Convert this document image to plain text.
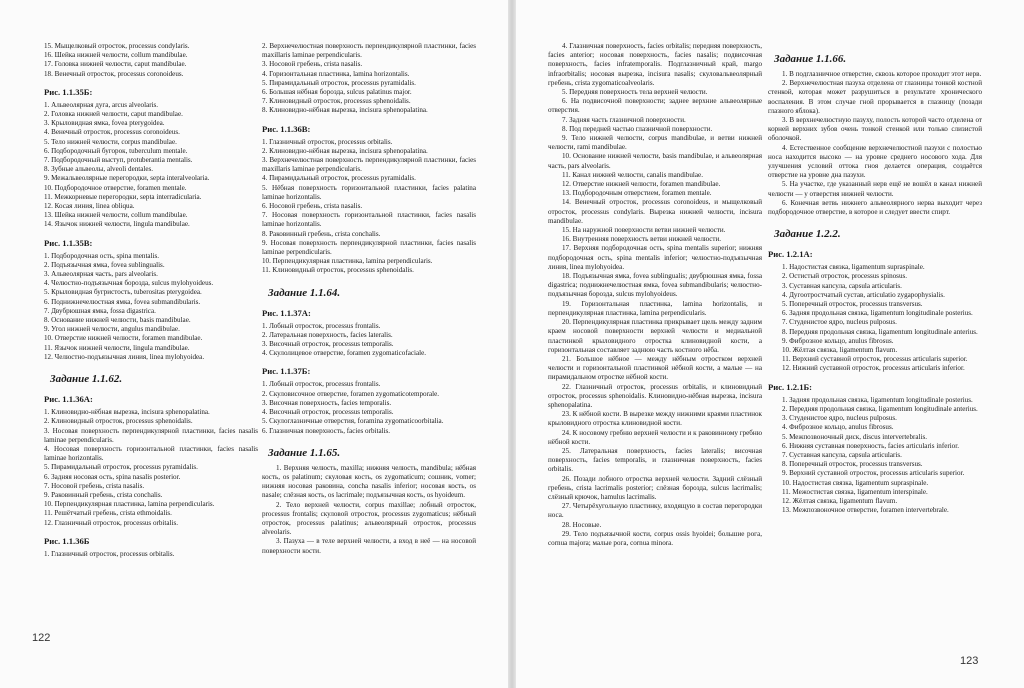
15. Мыщелковый отросток, processus condylaris.

16. Шейка нижней челюсти, collum mandibulae.

17. Головка нижней челюсти, caput mandibulae.

18. Венечный отросток, processus coronoideus.

Рис. 1.1.35Б:

1. Альвеолярная дуга, arcus alveolaris.

2. Головка нижней челюсти, caput mandibulae.

3. Крыловидная ямка, fovea pterygoidea.

4. Венечный отросток, processus coronoideus.

5. Тело нижней челюсти, corpus mandibulae.

6. Подбородочный бугорок, tuberculum mentale.

7. Подбородочный выступ, protuberantia mentalis.

8. Зубные альвеолы, alveoli dentales.

9. Межальвеолярные перегородки, septa interalveolaria.

10. Подбородочное отверстие, foramen mentale.

11. Межкорневые перегородки, septa interradicularia.

12. Косая линия, linea obliqua.

13. Шейка нижней челюсти, collum mandibulae.

14. Язычок нижней челюсти, lingula mandibulae.

Рис. 1.1.35В:

1. Подбородочная ость, spina mentalis.

2. Подъязычная ямка, fovea sublingualis.

3. Альвеолярная часть, pars alveolaris.

4. Челюстно-подъязычная борозда, sulcus mylohyoideus.

5. Крыловидная бугристость, tuberositas pterygoidea.

6. Поднижнечелюстная ямка, fovea submandibularis.

7. Двубрюшная ямка, fossa digastrica.

8. Основание нижней челюсти, basis mandibulae.

9. Угол нижней челюсти, angulus mandibulae.

10. Отверстие нижней челюсти, foramen mandibulae.

11. Язычок нижней челюсти, lingula mandibulae.

12. Челюстно-подъязычная линия, linea mylohyoidea.

Задание 1.1.62.
Рис. 1.1.36А:

1. Клиновидно-нёбная вырезка, incisura sphenopalatina.

2. Клиновидный отросток, processus sphenoidalis.

3. Носовая поверхность перпендикулярной пластинки, facies nasalis laminae perpendicularis.

4. Носовая поверхность горизонтальной пластинки, facies nasalis laminae horizontalis.

5. Пирамидальный отросток, processus pyramidalis.

6. Задняя носовая ость, spina nasalis posterior.

7. Носовой гребень, crista nasalis.

9. Раковинный гребень, crista conchalis.

10. Перпендикулярная пластинка, lamina perpendicularis.

11. Решётчатый гребень, crista ethmoidalis.

12. Глазничный отросток, processus orbitalis.

Рис. 1.1.36Б

1. Глазничный отросток, processus orbitalis.

2. Верхнечелюстная поверхность перпендикулярной пластинки, facies maxillaris laminae perpendicularis.

3. Носовой гребень, crista nasalis.

4. Горизонтальная пластинка, lamina horizontalis.

5. Пирамидальный отросток, processus pyramidalis.

6. Большая нёбная борозда, sulcus palatinus major.

7. Клиновидный отросток, processus sphenoidalis.

8. Клиновидно-нёбная вырезка, incisura sphenopalatina.

Рис. 1.1.36В:

1. Глазничный отросток, processus orbitalis.

2. Клиновидно-нёбная вырезка, incisura sphenopalatina.

3. Верхнечелюстная поверхность перпендикулярной пластинки, facies maxillaris laminae perpendicularis.

4. Пирамидальный отросток, processus pyramidalis.

5. Нёбная поверхность горизонтальной пластинки, facies palatina laminae horizontalis.

6. Носовой гребень, crista nasalis.

7. Носовая поверхность горизонтальной пластинки, facies nasalis laminae horizontalis.

8. Раковинный гребень, crista conchalis.

9. Носовая поверхность перпендикулярной пластинки, facies nasalis laminae perpendicularis.

10. Перпендикулярная пластинка, lamina perpendicularis.

11. Клиновидный отросток, processus sphenoidalis.

Задание 1.1.64.
Рис. 1.1.37А:

1. Лобный отросток, processus frontalis.

2. Латеральная поверхность, facies lateralis.

3. Височный отросток, processus temporalis.

4. Скулолицевое отверстие, foramen zygomaticofaciale.

Рис. 1.1.37Б:

1. Лобный отросток, processus frontalis.

2. Скуловисочное отверстие, foramen zygomaticotemporale.

3. Височная поверхность, facies temporalis.

4. Височный отросток, processus temporalis.

5. Скулоглазничные отверстия, foramina zygomaticoorbitalia.

6. Глазничная поверхность, facies orbitalis.

Задание 1.1.65.

1. Верхняя челюсть, maxilla; нижняя челюсть, mandibula; нёбная кость, os palatinum; скуловая кость, os zygomaticum; сошник, vomer; нижняя носовая раковина, concha nasalis inferior; носовая кость, os nasale; слёзная кость, os lacrimale; подъязычная кость, os hyoideum.

2. Тело верхней челюсти, corpus maxillae; лобный отросток, processus frontalis; скуловой отросток, processus zygomaticus; нёбный отросток, processus palatinus; альвеолярный отросток, processus alveolaris.

3. Пазуха — в теле верхней челюсти, а вход в неё — на носовой поверхности кости.

4. Глазничная поверхность, facies orbitalis; передняя поверхность, facies anterior; носовая поверхность, facies nasalis; подвисочная поверхность, facies infratemporalis. Подглазничный край, margo infraorbitalis; носовая вырезка, incisura nasalis; скуловальвеолярный гребень, crista zygomaticoalveolaris.

5. Передняя поверхность тела верхней челюсти.

6. На подвисочной поверхности; заднее верхние альвеолярные отверстия.

7. Задняя часть глазничной поверхности.

8. Под передней частью глазничной поверхности.

9. Тело нижней челюсти, corpus mandibulae, и ветви нижней челюсти, rami mandibulae.

10. Основание нижней челюсти, basis mandibulae, и альвеолярная часть, pars alveolaris.

11. Канал нижней челюсти, canalis mandibulae.

12. Отверстие нижней челюсти, foramen mandibulae.

13. Подбородочным отверстием, foramen mentale.

14. Венечный отросток, processus coronoideus, и мыщелковый отросток, processus condylaris. Вырезка нижней челюсти, incisura mandibulae.

15. На наружной поверхности ветви нижней челюсти.

16. Внутренняя поверхность ветви нижней челюсти.

17. Верхняя подбородочная ость, spina mentalis superior; нижняя подбородочная ость, spina mentalis inferior; челюстно-подъязычная линия, linea mylohyoidea.

18. Подъязычная ямка, fovea sublingualis; двубрюшная ямка, fossa digastrica; поднижнечелюстная ямка, fovea submandibularis; челюстно-подъязычная борозда, sulcus mylohyoideus.

19. Горизонтальная пластинка, lamina horizontalis, и перпендикулярная пластинка, lamina perpendicularis.

20. Перпендикулярная пластинка прикрывает щель между задним краем носовой поверхности верхней челюсти и медиальной пластинкой крыловидного отростка клиновидной кости, а горизонтальная составляет заднюю часть костного нёба.

21. Большое нёбное — между нёбным отростком верхней челюсти и горизонтальной пластинкой нёбной кости, а малые — на пирамидальном отростке нёбной кости.

22. Глазничный отросток, processus orbitalis, и клиновидный отросток, processus sphenoidalis. Клиновидно-нёбная вырезка, incisura sphenopalatina.

23. К нёбной кости. В вырезке между нижними краями пластинок крыловидного отростка клиновидной кости.

24. К носовому гребню верхней челюсти и к раковинному гребню нёбной кости.

25. Латеральная поверхность, facies lateralis; височная поверхность, facies temporalis, и глазничная поверхность, facies orbitalis.

26. Позади лобного отростка верхней челюсти. Задний слёзный гребень, crista lacrimalis posterior; слёзная борозда, sulcus lacrimalis; слёзный крючок, hamulus lacrimalis.

27. Четырёхугольную пластинку, входящую в состав перегородки носа.

28. Носовые.

29. Тело подъязычной кости, corpus ossis hyoidei; большие рога, cornua majora; малые рога, cornua minora.

Задание 1.1.66.

1. В подглазничное отверстие, сквозь которое проходит этот нерв.

2. Верхнечелюстная пазуха отделена от глазницы тонкой костной стенкой, которая может разрушиться в результате хронического воспаления. В этом случае гной прорывается в глазницу (позади глазного яблока).

3. В верхнечелюстную пазуху, полость которой часто отделена от корней верхних зубов очень тонкой стенкой или только слизистой оболочкой.

4. Естественное сообщение верхнечелюстной пазухи с полостью носа находится высоко — на уровне среднего носового хода. Для улучшения условий оттока гноя делается операция, создаётся отверстие на уровне дна пазухи.

5. На участке, где указанный нерв ещё не вошёл в канал нижней челюсти — у отверстия нижней челюсти.

6. Конечная ветвь нижнего альвеолярного нерва выходит через подбородочное отверстие, в которое и следует ввести спирт.

Задание 1.2.2.
Рис. 1.2.1А:

1. Надостистая связка, ligamentum supraspinale.

2. Остистый отросток, processus spinosus.

3. Суставная капсула, capsula articularis.

4. Дугоотростчатый сустав, articulatio zygapophysialis.

5. Поперечный отросток, processus transversus.

6. Задняя продольная связка, ligamentum longitudinale posterius.

7. Студенистое ядро, nucleus pulposus.

8. Передняя продольная связка, ligamentum longitudinale anterius.

9. Фиброзное кольцо, anulus fibrosus.

10. Жёлтая связка, ligamentum flavum.

11. Верхний суставной отросток, processus articularis superior.

12. Нижний суставной отросток, processus articularis inferior.

Рис. 1.2.1Б:

1. Задняя продольная связка, ligamentum longitudinale posterius.

2. Передняя продольная связка, ligamentum longitudinale anterius.

3. Студенистое ядро, nucleus pulposus.

4. Фиброзное кольцо, anulus fibrosus.

5. Межпозвоночный диск, discus intervertebralis.

6. Нижняя суставная поверхность, facies articularis inferior.

7. Суставная капсула, capsula articularis.

8. Поперечный отросток, processus transversus.

9. Верхний суставной отросток, processus articularis superior.

10. Надостистая связка, ligamentum supraspinale.

11. Межостистая связка, ligamentum interspinale.

12. Жёлтая связка, ligamentum flavum.

13. Межпозвоночное отверстие, foramen intervertebrale.

122
123
